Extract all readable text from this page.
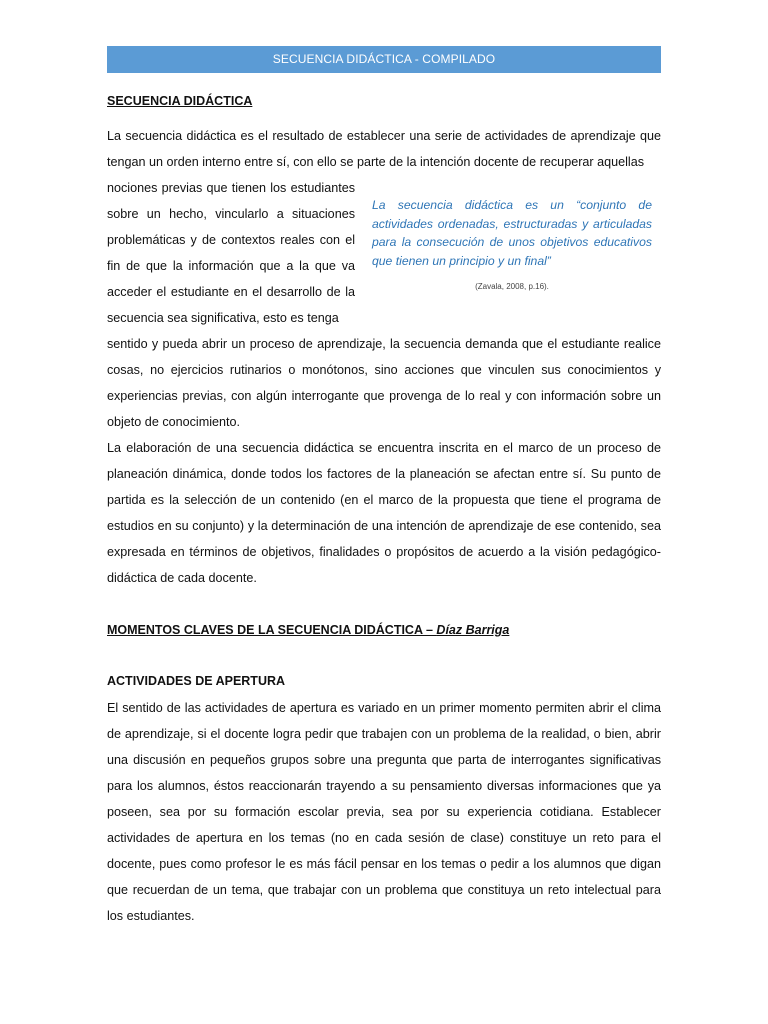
SECUENCIA DIDÁCTICA - COMPILADO

SECUENCIA DIDÁCTICA

La secuencia didáctica es el resultado de establecer una serie de actividades de aprendizaje que tengan un orden interno entre sí, con ello se parte de la intención docente de recuperar aquellas

nociones previas que tienen los estudiantes sobre un hecho, vincularlo a situaciones problemáticas y de contextos reales con el fin de que la información que a la que va acceder el estudiante en el desarrollo de la secuencia sea significativa, esto es tenga

La secuencia didáctica es un “conjunto de actividades ordenadas, estructuradas y articuladas para la consecución de unos objetivos educativos que tienen un principio y un final”

(Zavala, 2008, p.16).

sentido y pueda abrir un proceso de aprendizaje, la secuencia demanda que el estudiante realice cosas, no ejercicios rutinarios o monótonos, sino acciones que vinculen sus conocimientos y experiencias previas, con algún interrogante que provenga de lo real y con información sobre un objeto de conocimiento.

La elaboración de una secuencia didáctica se encuentra inscrita en el marco de un proceso de planeación dinámica, donde todos los factores de la planeación se afectan entre sí. Su punto de partida es la selección de un contenido (en el marco de la propuesta que tiene el programa de estudios en su conjunto) y la determinación de una intención de aprendizaje de ese contenido, sea expresada en términos de objetivos, finalidades o propósitos de acuerdo a la visión pedagógico-didáctica de cada docente.

MOMENTOS CLAVES DE LA SECUENCIA DIDÁCTICA – Díaz Barriga

ACTIVIDADES DE APERTURA

El sentido de las actividades de apertura es variado en un primer momento permiten abrir el clima de aprendizaje, si el docente logra pedir que trabajen con un problema de la realidad, o bien, abrir una discusión en pequeños grupos sobre una pregunta que parta de interrogantes significativas para los alumnos, éstos reaccionarán trayendo a su pensamiento diversas informaciones que ya poseen, sea por su formación escolar previa, sea por su experiencia cotidiana. Establecer actividades de apertura en los temas (no en cada sesión de clase) constituye un reto para el docente, pues como profesor le es más fácil pensar en los temas o pedir a los alumnos que digan que recuerdan de un tema, que trabajar con un problema que constituya un reto intelectual para los estudiantes.
